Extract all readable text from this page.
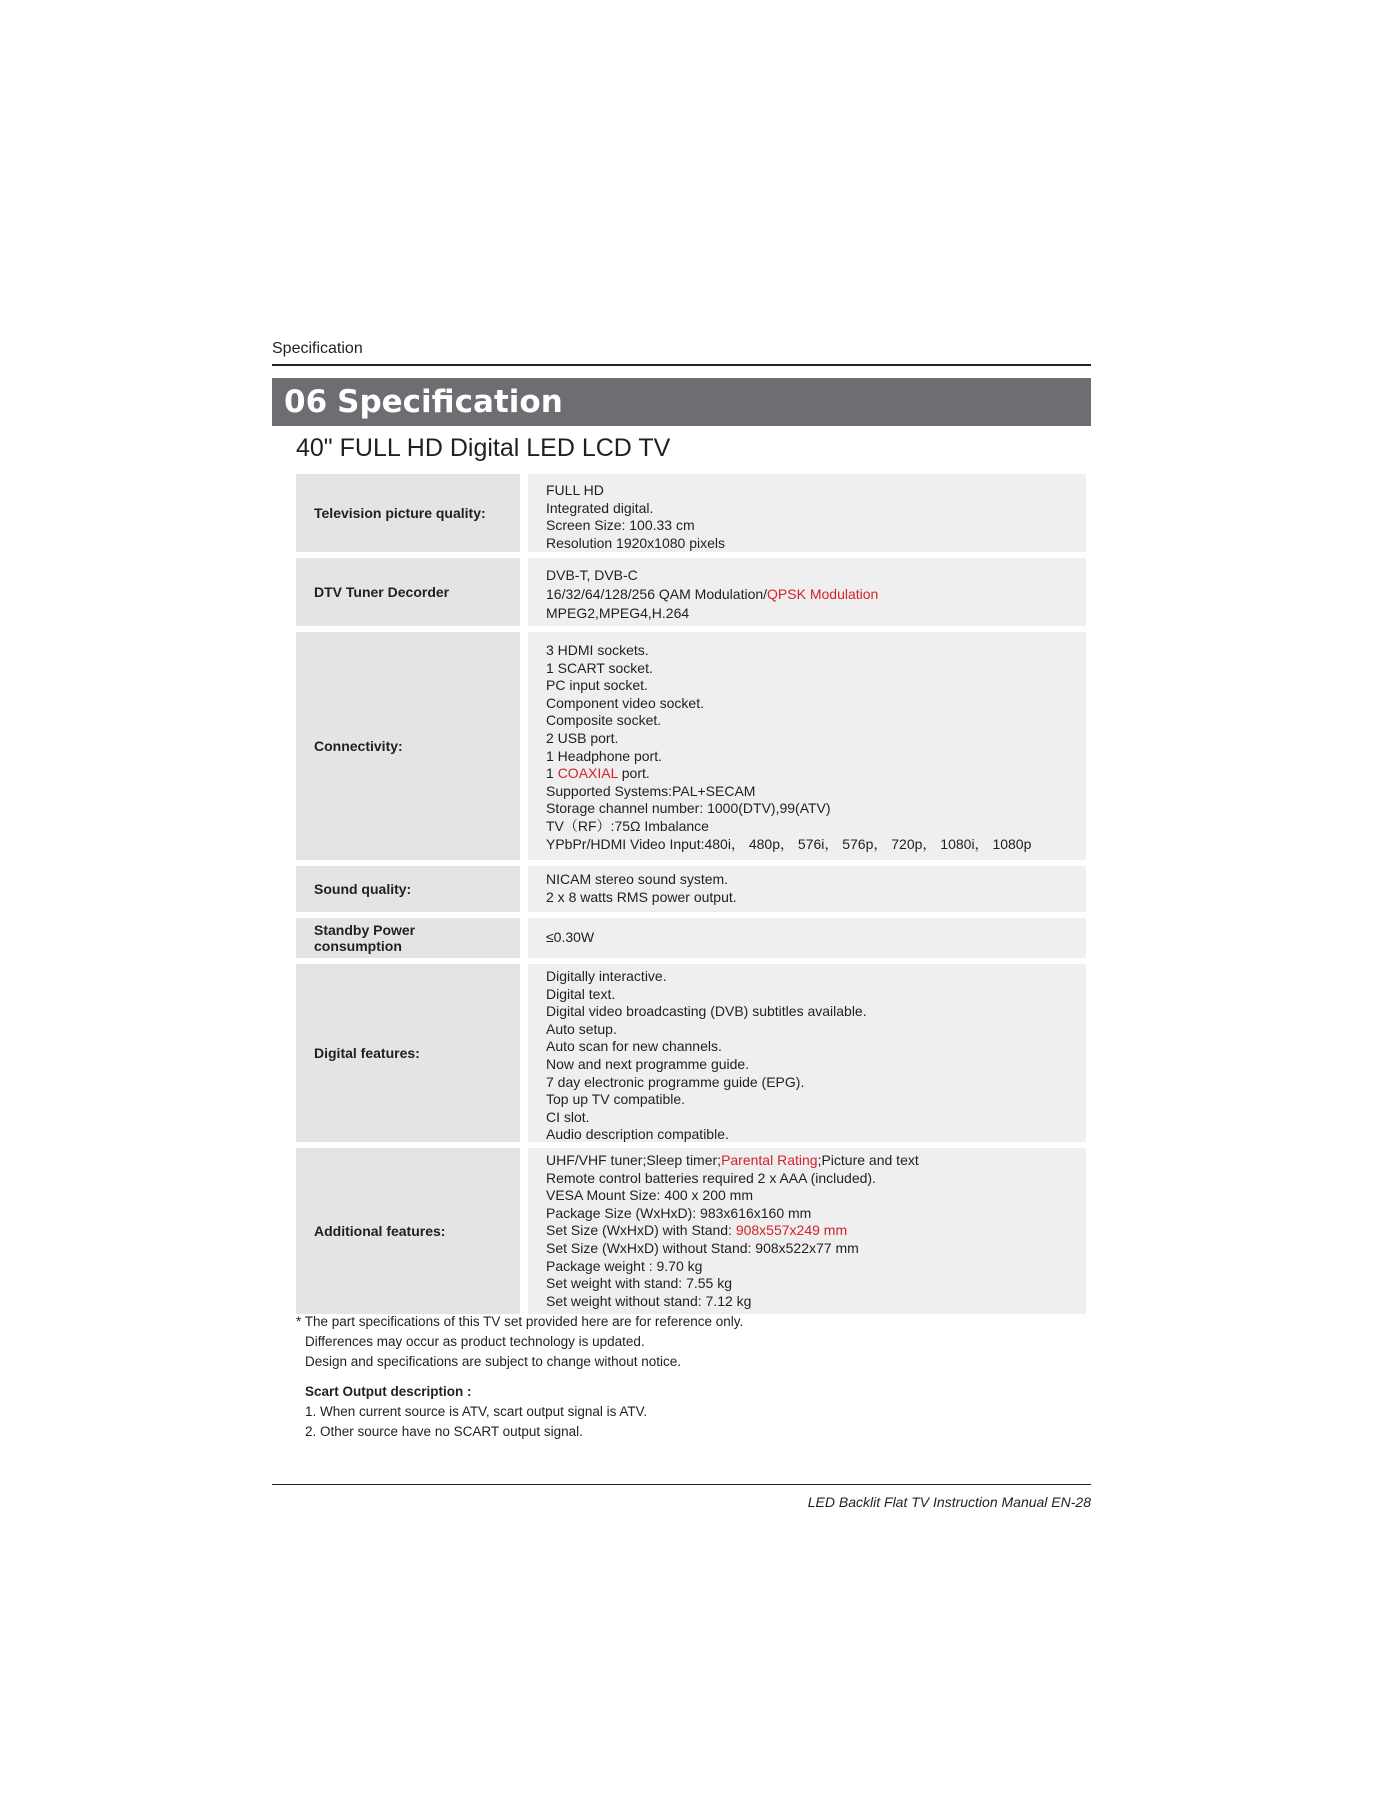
Specification
06 Specification
40" FULL HD Digital LED LCD TV
Television picture quality:
FULL HD
Integrated digital.
Screen Size: 100.33 cm
Resolution 1920x1080 pixels
DTV Tuner Decorder
DVB-T, DVB-C
16/32/64/128/256 QAM Modulation/QPSK Modulation
MPEG2,MPEG4,H.264
Connectivity:
3 HDMI sockets.
1 SCART socket.
PC input socket.
Component video socket.
Composite socket.
2 USB port.
1 Headphone port.
1 COAXIAL port.
Supported Systems:PAL+SECAM
Storage channel number: 1000(DTV),99(ATV)
TV（RF）:75Ω Imbalance
YPbPr/HDMI Video Input:480i， 480p， 576i， 576p， 720p， 1080i， 1080p
Sound quality:
NICAM stereo sound system.
2 x 8 watts RMS power output.
Standby Power
consumption
≤0.30W
Digital features:
Digitally interactive.
Digital text.
Digital video broadcasting (DVB) subtitles available.
Auto setup.
Auto scan for new channels.
Now and next programme guide.
7 day electronic programme guide (EPG).
Top up TV compatible.
CI slot.
Audio description compatible.
Additional features:
UHF/VHF tuner;Sleep timer;Parental Rating;Picture and text
Remote control batteries required 2 x AAA (included).
VESA Mount Size: 400 x 200 mm
Package Size (WxHxD): 983x616x160 mm
Set Size (WxHxD) with Stand: 908x557x249 mm
Set Size (WxHxD) without Stand: 908x522x77 mm
Package weight : 9.70 kg
Set weight with stand: 7.55 kg
Set weight without stand: 7.12 kg
* The part specifications of this TV set provided here are for reference only.
Differences may occur as product technology is updated.
Design and specifications are subject to change without notice.
Scart Output description :
1. When current source is ATV, scart output signal is ATV.
2. Other source have no SCART output signal.
LED Backlit Flat TV Instruction Manual EN-28
